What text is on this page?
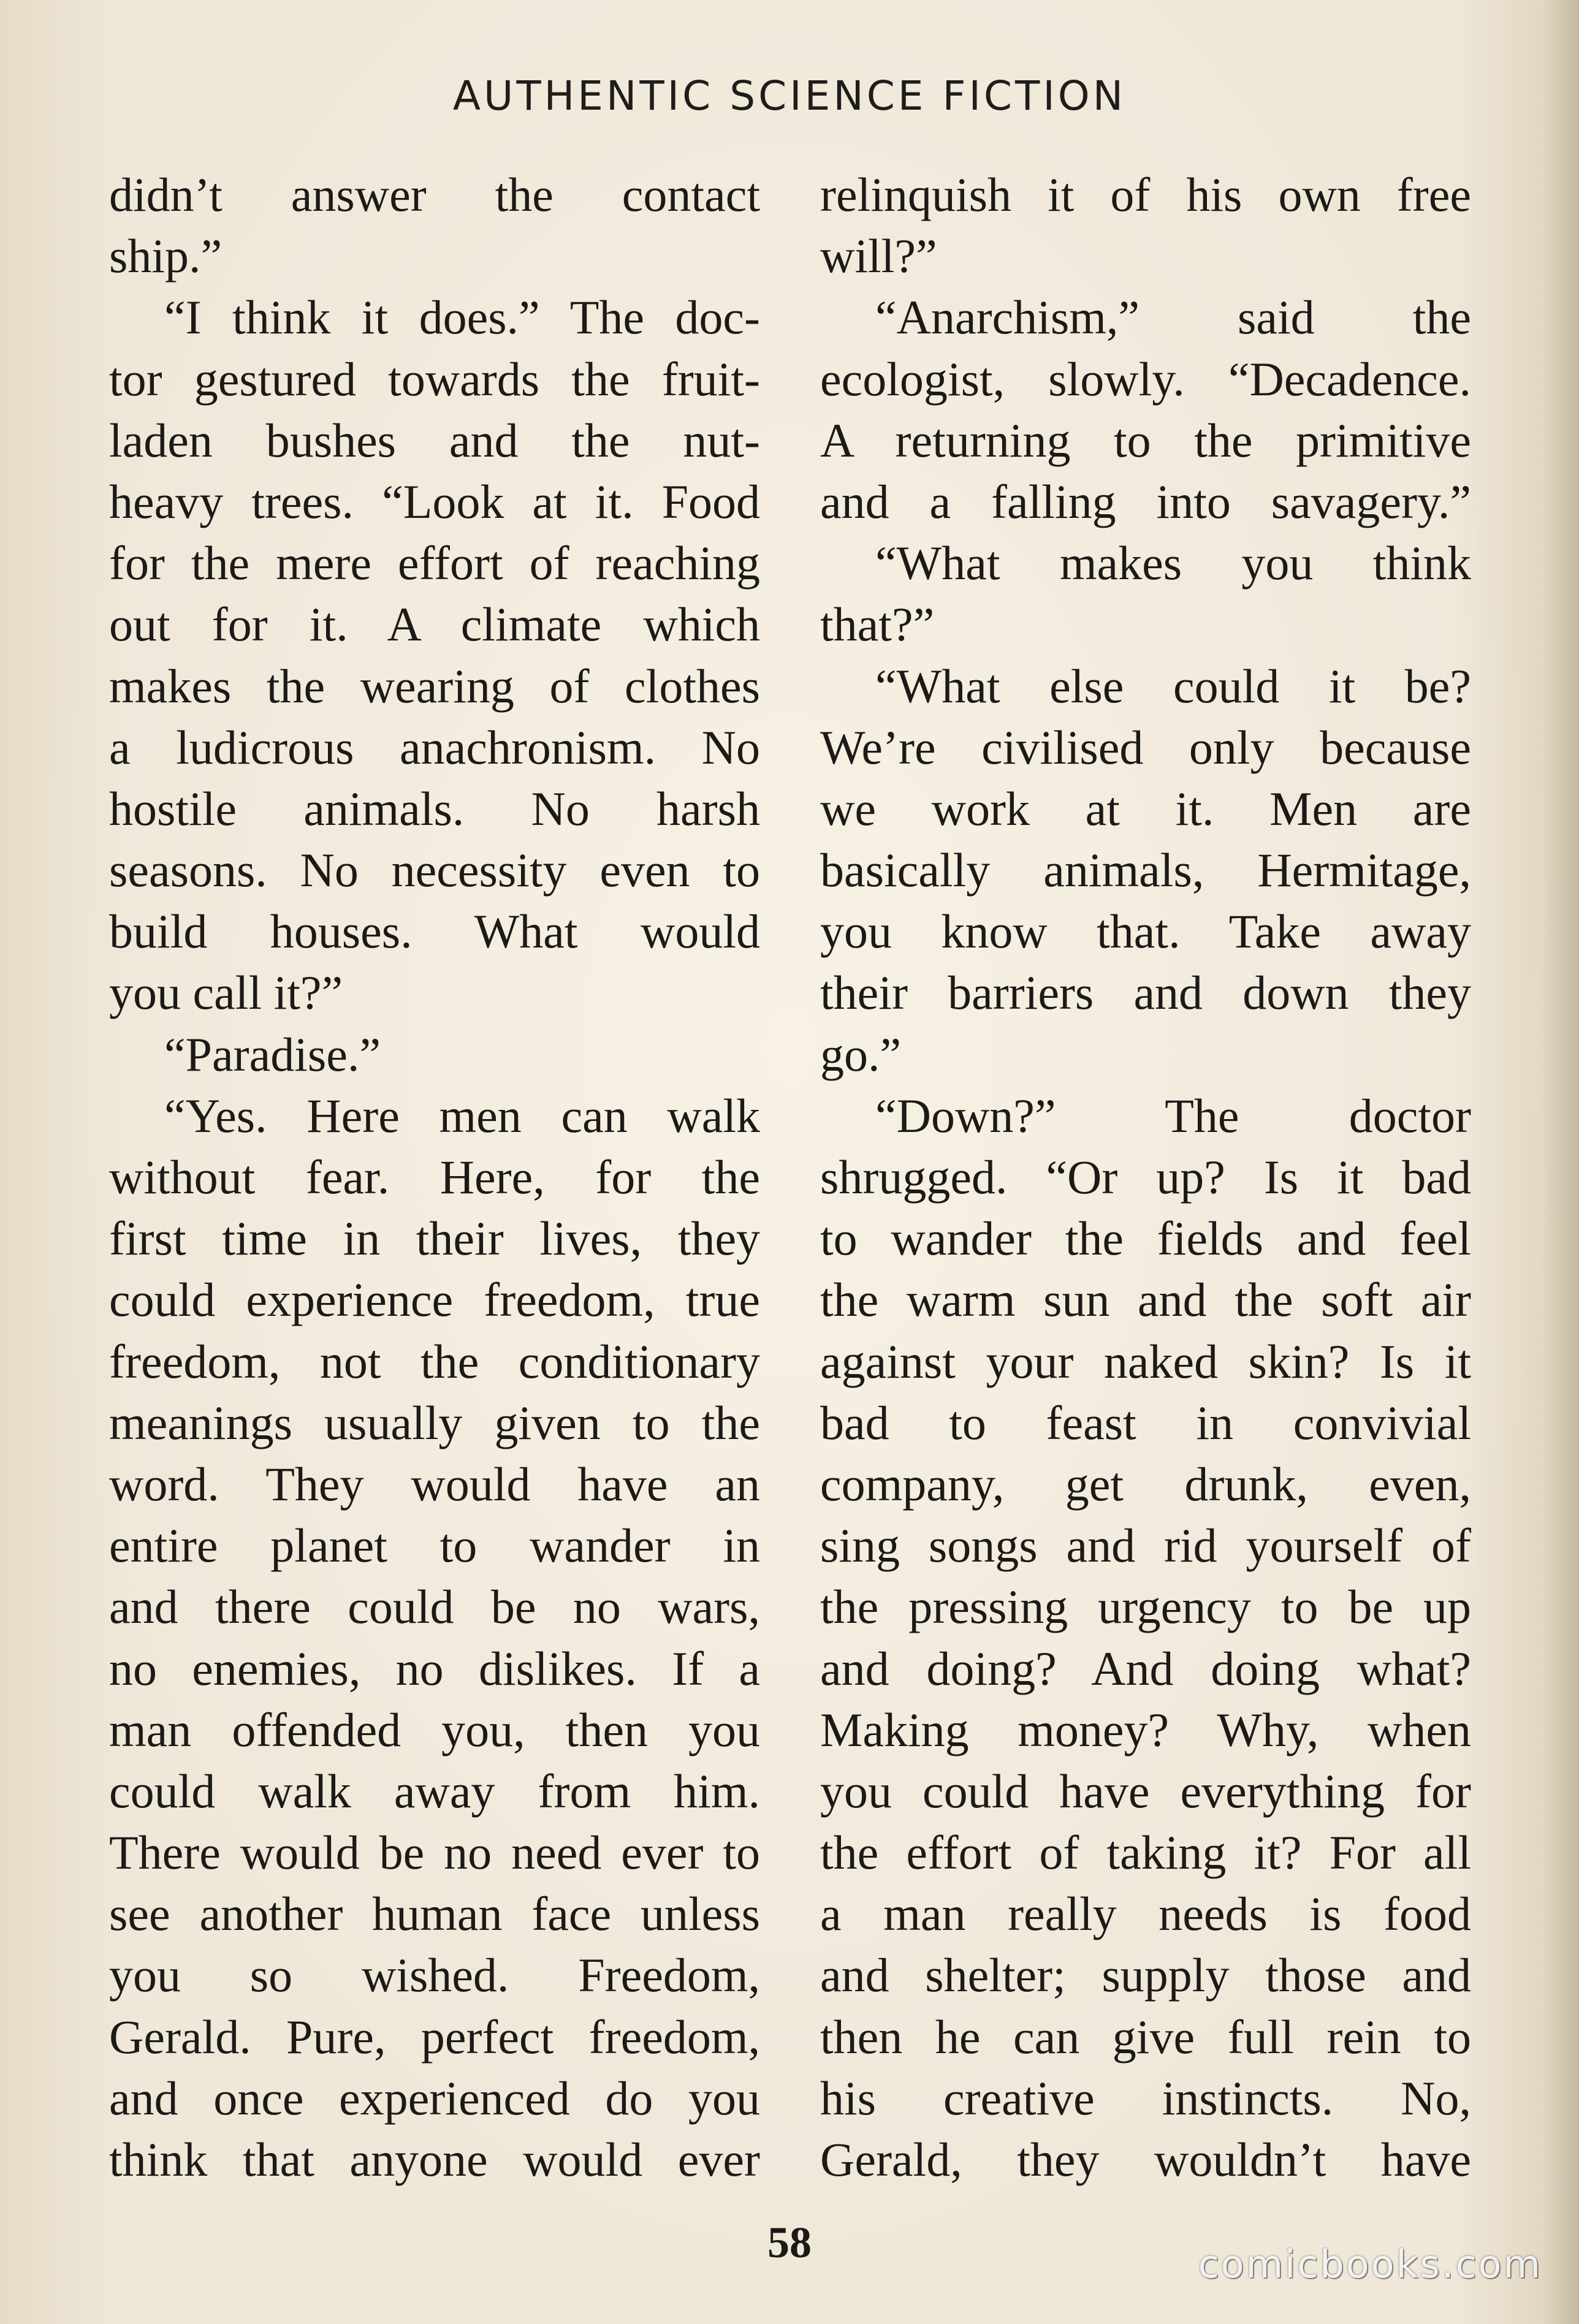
AUTHENTIC SCIENCE FICTION
didn’t answer the contact
ship.”
“I think it does.” The doc-
tor gestured towards the fruit-
laden bushes and the nut-
heavy trees. “Look at it. Food
for the mere effort of reaching
out for it. A climate which
makes the wearing of clothes
a ludicrous anachronism. No
hostile animals. No harsh
seasons. No necessity even to
build houses. What would
you call it?”
“Paradise.”
“Yes. Here men can walk
without fear. Here, for the
first time in their lives, they
could experience freedom, true
freedom, not the conditionary
meanings usually given to the
word. They would have an
entire planet to wander in
and there could be no wars,
no enemies, no dislikes. If a
man offended you, then you
could walk away from him.
There would be no need ever to
see another human face unless
you so wished. Freedom,
Gerald. Pure, perfect freedom,
and once experienced do you
think that anyone would ever
relinquish it of his own free
will?”
“Anarchism,” said the
ecologist, slowly. “Decadence.
A returning to the primitive
and a falling into savagery.”
“What makes you think
that?”
“What else could it be?
We’re civilised only because
we work at it. Men are
basically animals, Hermitage,
you know that. Take away
their barriers and down they
go.”
“Down?” The doctor
shrugged. “Or up? Is it bad
to wander the fields and feel
the warm sun and the soft air
against your naked skin? Is it
bad to feast in convivial
company, get drunk, even,
sing songs and rid yourself of
the pressing urgency to be up
and doing? And doing what?
Making money? Why, when
you could have everything for
the effort of taking it? For all
a man really needs is food
and shelter; supply those and
then he can give full rein to
his creative instincts. No,
Gerald, they wouldn’t have
58	comicbooks.com
